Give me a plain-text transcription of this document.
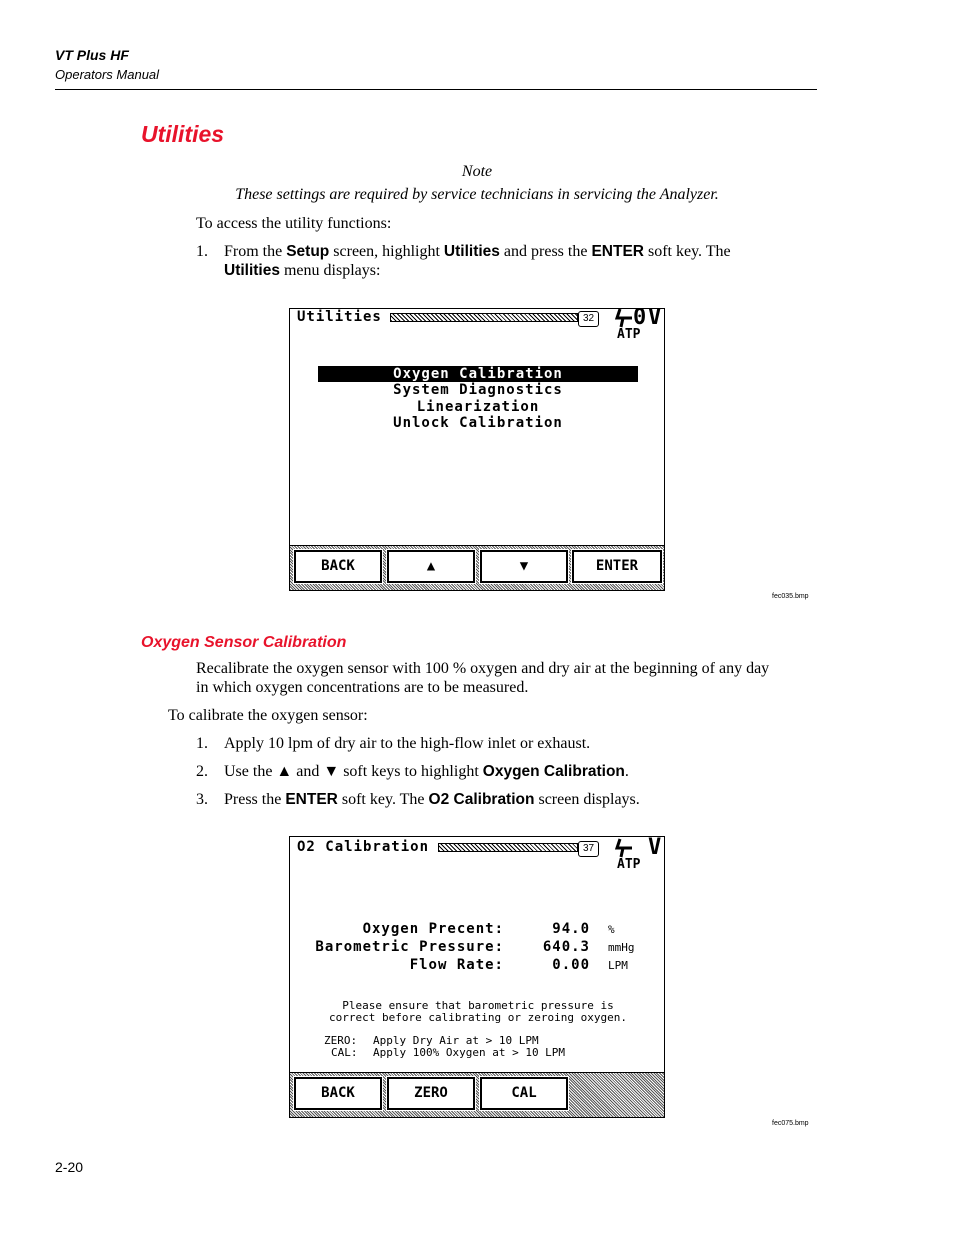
VT Plus HF
Operators Manual
Utilities
Note
These settings are required by service technicians in servicing the Analyzer.
To access the utility functions:
1.	From the Setup screen, highlight Utilities and press the ENTER soft key. The
Utilities menu displays:
Utilities	32 0 V
ATP
Oxygen Calibration
System Diagnostics
Linearization
Unlock Calibration
BACK	▲	▼	ENTER
fec035.bmp
Oxygen Sensor Calibration
Recalibrate the oxygen sensor with 100 % oxygen and dry air at the beginning of any day
in which oxygen concentrations are to be measured.
To calibrate the oxygen sensor:
1.	Apply 10 lpm of dry air to the high-flow inlet or exhaust.
2.	Use the ▲ and ▼ soft keys to highlight Oxygen Calibration.
3.	Press the ENTER soft key. The O2 Calibration screen displays.
O2 Calibration	37 V
ATP
Oxygen Precent:	94.0 %
Barometric Pressure:	640.3 mmHg
Flow Rate:	0.00 LPM
Please ensure that barometric pressure is
correct before calibrating or zeroing oxygen.
ZERO: Apply Dry Air at > 10 LPM
CAL: Apply 100% Oxygen at > 10 LPM
BACK	ZERO	CAL
fec075.bmp
2-20
